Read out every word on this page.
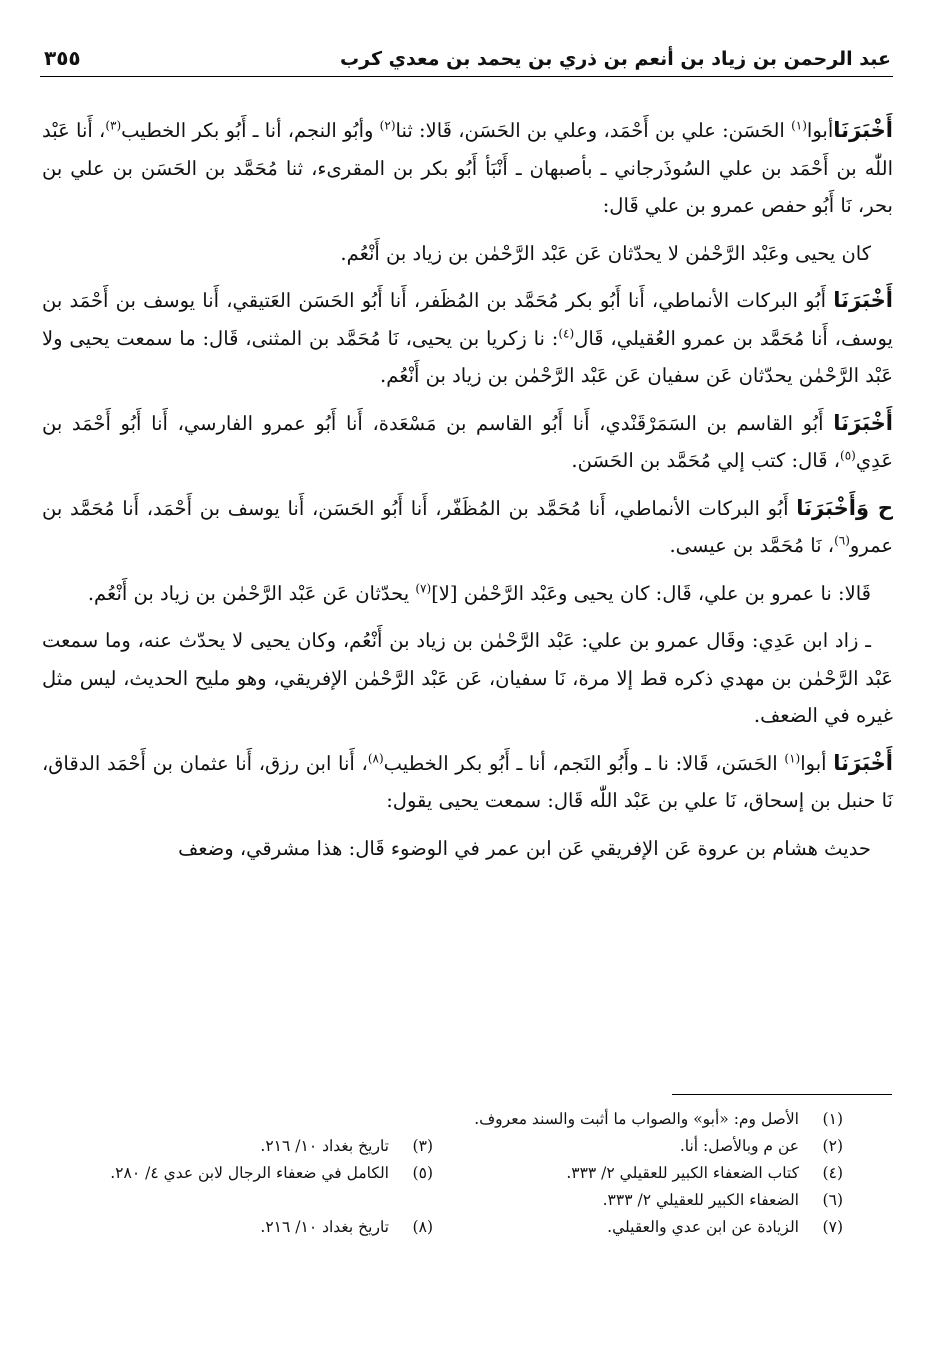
عبد الرحمن بن زياد بن أنعم بن ذري بن يحمد بن معدي كرب
٣٥٥

أَخْبَرَنَاأبوا$^{(١)}$ الحَسَن: علي بن أَحْمَد، وعلي بن الحَسَن، قَالا: ثنا$^{(٢)}$ وأبُو النجم، أنا ـ أَبُو بكر الخطيب$^{(٣)}$، أَنا عَبْد اللّٰه بن أَحْمَد بن علي السُوذَرجاني ـ بأصبهان ـ أَنْبَأ أَبُو بكر بن المقرىء، ثنا مُحَمَّد بن الحَسَن بن علي بن بحر، نَا أَبُو حفص عمرو بن علي قَال:

كان يحيى وعَبْد الرَّحْمٰن لا يحدّثان عَن عَبْد الرَّحْمٰن بن زياد بن أَنْعُم.

أَخْبَرَنَا أَبُو البركات الأنماطي، أَنا أَبُو بكر مُحَمَّد بن المُظَفر، أَنا أَبُو الحَسَن العَتيقي، أَنا يوسف بن أَحْمَد بن يوسف، أَنا مُحَمَّد بن عمرو العُقيلي، قَال$^{(٤)}$: نا زكريا بن يحيى، نَا مُحَمَّد بن المثنى، قَال: ما سمعت يحيى ولا عَبْد الرَّحْمٰن يحدّثان عَن سفيان عَن عَبْد الرَّحْمٰن بن زياد بن أَنْعُم.

أَخْبَرَنَا أَبُو القاسم بن السَمَرْقَنْدي، أَنا أَبُو القاسم بن مَسْعَدة، أَنا أَبُو عمرو الفارسي، أَنا أَبُو أَحْمَد بن عَدِي$^{(٥)}$، قَال: كتب إلي مُحَمَّد بن الحَسَن.

ح وَأَخْبَرَنَا أَبُو البركات الأنماطي، أَنا مُحَمَّد بن المُظَفّر، أَنا أَبُو الحَسَن، أَنا يوسف بن أَحْمَد، أَنا مُحَمَّد بن عمرو$^{(٦)}$، نَا مُحَمَّد بن عيسى.

قَالا: نا عمرو بن علي، قَال: كان يحيى وعَبْد الرَّحْمٰن [لا]$^{(٧)}$ يحدّثان عَن عَبْد الرَّحْمٰن بن زياد بن أَنْعُم.

ـ زاد ابن عَدِي: وقَال عمرو بن علي: عَبْد الرَّحْمٰن بن زياد بن أَنْعُم، وكان يحيى لا يحدّث عنه، وما سمعت عَبْد الرَّحْمٰن بن مهدي ذكره قط إلا مرة، نَا سفيان، عَن عَبْد الرَّحْمٰن الإفريقي، وهو مليح الحديث، ليس مثل غيره في الضعف.

أَخْبَرَنَا أبوا$^{(١)}$ الحَسَن، قَالا: نا ـ وأَبُو النَجم، أنا ـ أَبُو بكر الخطيب$^{(٨)}$، أَنا ابن رزق، أَنا عثمان بن أَحْمَد الدقاق، نَا حنبل بن إسحاق، نَا علي بن عَبْد اللّٰه قَال: سمعت يحيى يقول:

حديث هشام بن عروة عَن الإفريقي عَن ابن عمر في الوضوء قَال: هذا مشرقي، وضعف

(١)
الأصل وم: «أبو» والصواب ما أثبت والسند معروف.
(٢)
عن م وبالأصل: أنا.
(٣)
تاريخ بغداد ١٠/ ٢١٦.
(٤)
كتاب الضعفاء الكبير للعقيلي ٢/ ٣٣٣.
(٥)
الكامل في ضعفاء الرجال لابن عدي ٤/ ٢٨٠.
(٦)
الضعفاء الكبير للعقيلي ٢/ ٣٣٣.
(٧)
الزيادة عن ابن عدي والعقيلي.
(٨)
تاريخ بغداد ١٠/ ٢١٦.
